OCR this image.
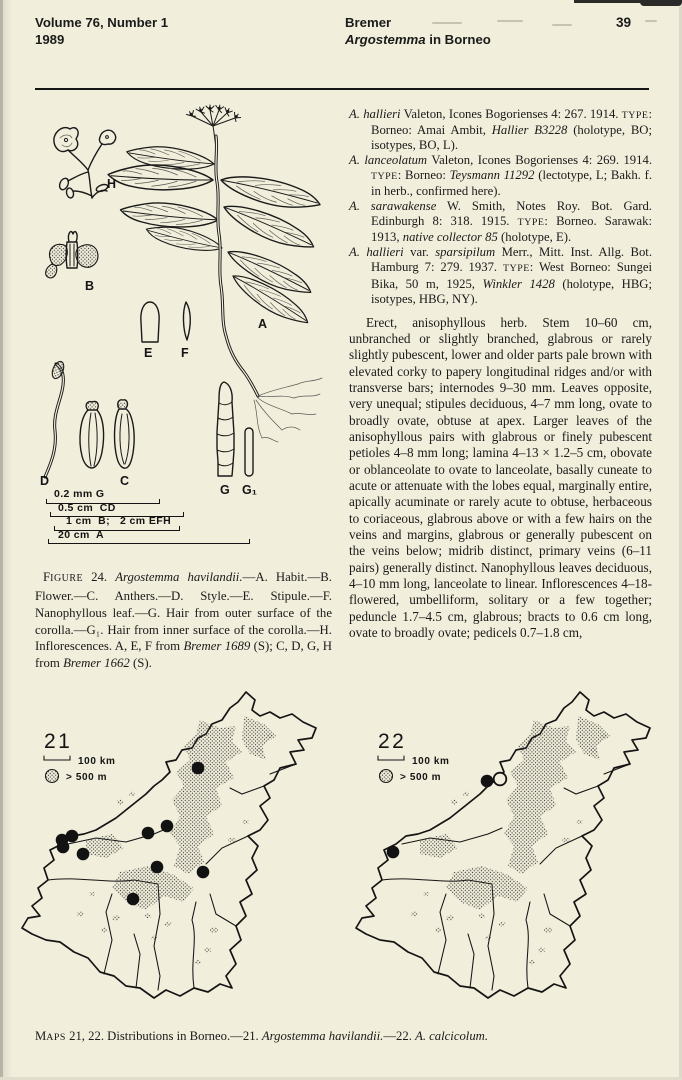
Volume 76, Number 1
1989
Bremer
Argostemma in Borneo
39
H
B
A
E F
D	C
G G₁
0.2 mm G
0.5 cm  CD
1 cm  B;   2 cm EFH
20 cm  A

FIGURE 24. Argostemma havilandii.—A. Habit.—B. Flower.—C. Anthers.—D. Style.—E. Stipule.—F. Nanophyllous leaf.—G. Hair from outer surface of the corolla.—G₁. Hair from inner surface of the corolla.—H. Inflorescences. A, E, F from Bremer 1689 (S); C, D, G, H from Bremer 1662 (S).

A. hallieri Valeton, Icones Bogorienses 4: 267. 1914. TYPE: Borneo: Amai Ambit, Hallier B3228 (holotype, BO; isotypes, BO, L).

A. lanceolatum Valeton, Icones Bogorienses 4: 269. 1914. TYPE: Borneo: Teysmann 11292 (lectotype, L; Bakh. f. in herb., confirmed here).

A. sarawakense W. Smith, Notes Roy. Bot. Gard. Edinburgh 8: 318. 1915. TYPE: Borneo. Sarawak: 1913, native collector 85 (holotype, E).

A. hallieri var. sparsipilum Merr., Mitt. Inst. Allg. Bot. Hamburg 7: 279. 1937. TYPE: West Borneo: Sungei Bika, 50 m, 1925, Winkler 1428 (holotype, HBG; isotypes, HBG, NY).

Erect, anisophyllous herb. Stem 10–60 cm, unbranched or slightly branched, glabrous or rarely slightly pubescent, lower and older parts pale brown with elevated corky to papery longitudinal ridges and/or with transverse bars; internodes 9–30 mm. Leaves opposite, very unequal; stipules deciduous, 4–7 mm long, ovate to broadly ovate, obtuse at apex. Larger leaves of the anisophyllous pairs with glabrous or finely pubescent petioles 4–8 mm long; lamina 4–13 × 1.2–5 cm, obovate or oblanceolate to ovate to lanceolate, basally cuneate to acute or attenuate with the lobes equal, marginally entire, apically acuminate or rarely acute to obtuse, herbaceous to coriaceous, glabrous above or with a few hairs on the veins and margins, glabrous or generally pubescent on the veins below; midrib distinct, primary veins (6–11 pairs) generally distinct. Nanophyllous leaves deciduous, 4–10 mm long, lanceolate to linear. Inflorescences 4–18-flowered, umbelliform, solitary or a few together; peduncle 1.7–4.5 cm, glabrous; bracts to 0.6 cm long, ovate to broadly ovate; pedicels 0.7–1.8 cm,

21
100 km
> 500 m
22
100 km
> 500 m

MAPS 21, 22. Distributions in Borneo.—21. Argostemma havilandii.—22. A. calcicolum.
